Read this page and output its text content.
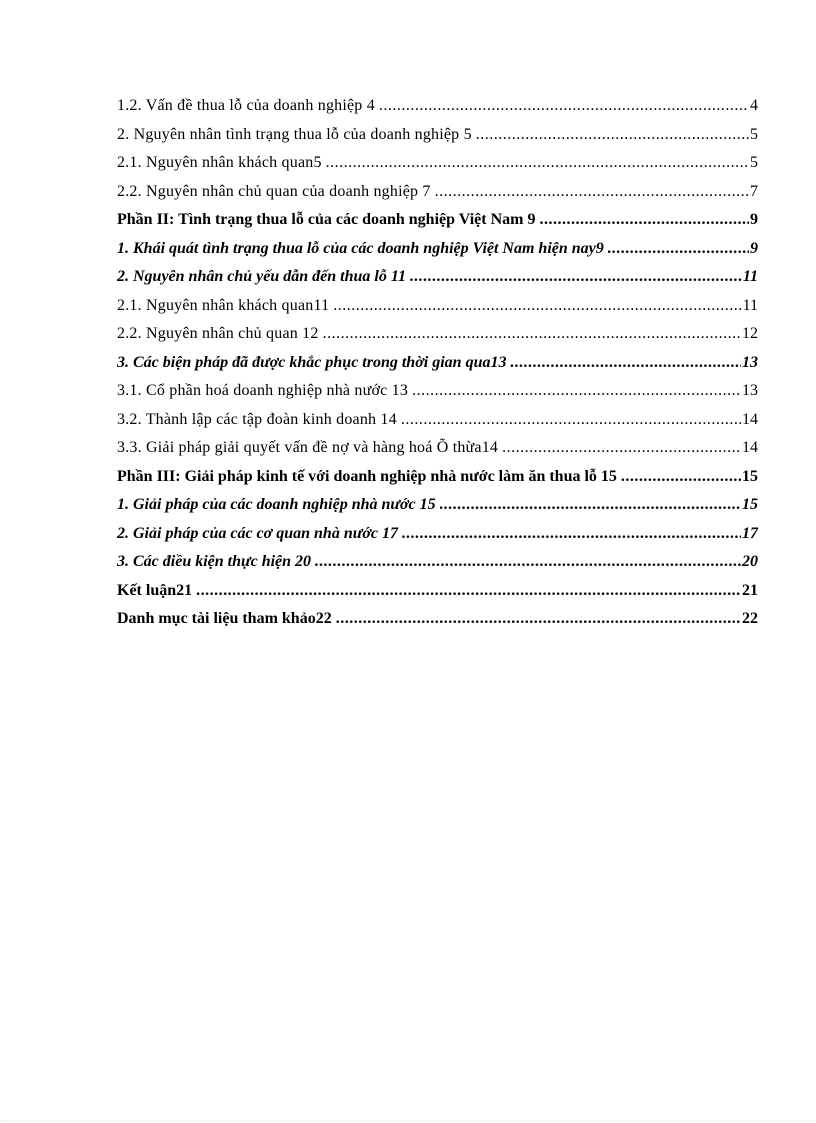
1.2. Vấn đề thua lỗ của doanh nghiệp 4 .....	4
2. Nguyên nhân tình trạng thua lỗ của doanh nghiệp 5 .....	5
2.1. Nguyên nhân khách quan5 .....	5
2.2. Nguyên nhân chủ quan của doanh nghiệp 7 .....	7
Phần II: Tình trạng thua lỗ của các doanh nghiệp Việt Nam 9 .....	9
1. Khái quát tình trạng thua lỗ của các doanh nghiệp Việt Nam hiện nay9 .....	9
2. Nguyên nhân chủ yếu dẫn đến thua lỗ 11 .....	11
2.1. Nguyên nhân khách quan11 .....	11
2.2. Nguyên nhân chủ quan 12 .....	12
3. Các biện pháp đã được khắc phục trong thời gian qua13 .....	13
3.1. Cổ phần hoá doanh nghiệp nhà nước 13 .....	13
3.2. Thành lập các tập đoàn kinh doanh 14 .....	14
3.3. Giải pháp giải quyết vấn đề nợ và hàng hoá Õ thừa14 .....	14
Phần III: Giải pháp kinh tế với doanh nghiệp nhà nước làm ăn thua lỗ 15 .....	15
1. Giải pháp của các doanh nghiệp nhà nước 15 .....	15
2. Giải pháp của các cơ quan nhà nước 17 .....	17
3. Các điều kiện thực hiện 20 .....	20
Kết luận21 .....	21
Danh mục tài liệu tham khảo22 .....	22
